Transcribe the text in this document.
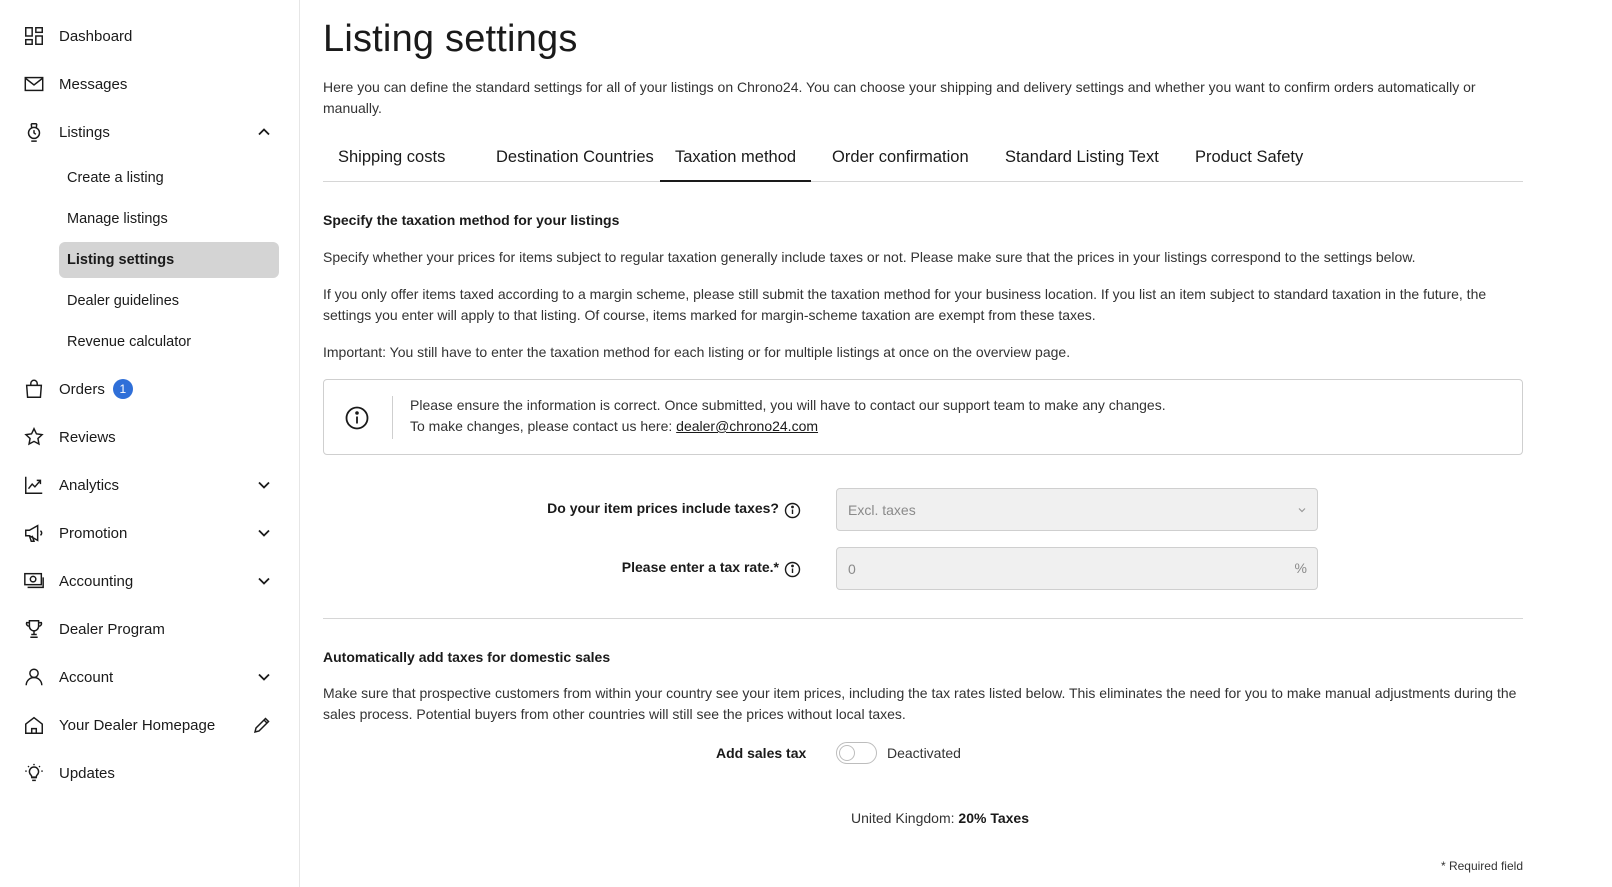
Dashboard
Messages
Listings
Create a listing
Manage listings
Listing settings
Dealer guidelines
Revenue calculator
Orders	1
Reviews
Analytics
Promotion
Accounting
Dealer Program
Account
Your Dealer Homepage
Updates
Listing settings

Here you can define the standard settings for all of your listings on Chrono24. You can choose your shipping and delivery settings and whether you want to confirm orders automatically or manually.

Shipping costs	Destination Countries	Taxation method	Order confirmation	Standard Listing Text	Product Safety
Specify the taxation method for your listings

Specify whether your prices for items subject to regular taxation generally include taxes or not. Please make sure that the prices in your listings correspond to the settings below.

If you only offer items taxed according to a margin scheme, please still submit the taxation method for your business location. If you list an item subject to standard taxation in the future, the settings you enter will apply to that listing. Of course, items marked for margin-scheme taxation are exempt from these taxes.

Important: You still have to enter the taxation method for each listing or for multiple listings at once on the overview page.

Please ensure the information is correct. Once submitted, you will have to contact our support team to make any changes.
To make changes, please contact us here: dealer@chrono24.com
Do your item prices include taxes?	Excl. taxes
Please enter a tax rate.*	0	%
Automatically add taxes for domestic sales

Make sure that prospective customers from within your country see your item prices, including the tax rates listed below. This eliminates the need for you to make manual adjustments during the sales process. Potential buyers from other countries will still see the prices without local taxes.

Add sales tax	Deactivated
United Kingdom: 20% Taxes
* Required field
